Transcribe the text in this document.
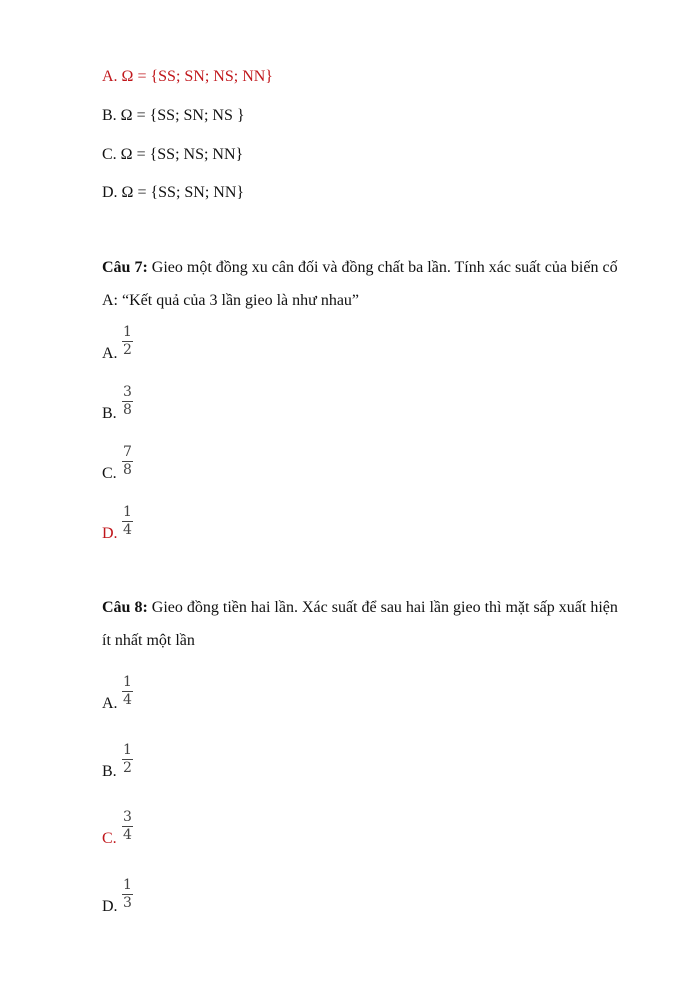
A. Ω = {SS; SN; NS; NN}
B. Ω = {SS; SN; NS }
C. Ω = {SS; NS; NN}
D. Ω = {SS; SN; NN}
Câu 7: Gieo một đồng xu cân đối và đồng chất ba lần. Tính xác suất của biến cố
A: “Kết quả của 3 lần gieo là như nhau”
A.
1
2
B.
3
8
C.
7
8
D.
1
4
Câu 8: Gieo đồng tiền hai lần. Xác suất để sau hai lần gieo thì mặt sấp xuất hiện
ít nhất một lần
A.
1
4
B.
1
2
C.
3
4
D.
1
3
